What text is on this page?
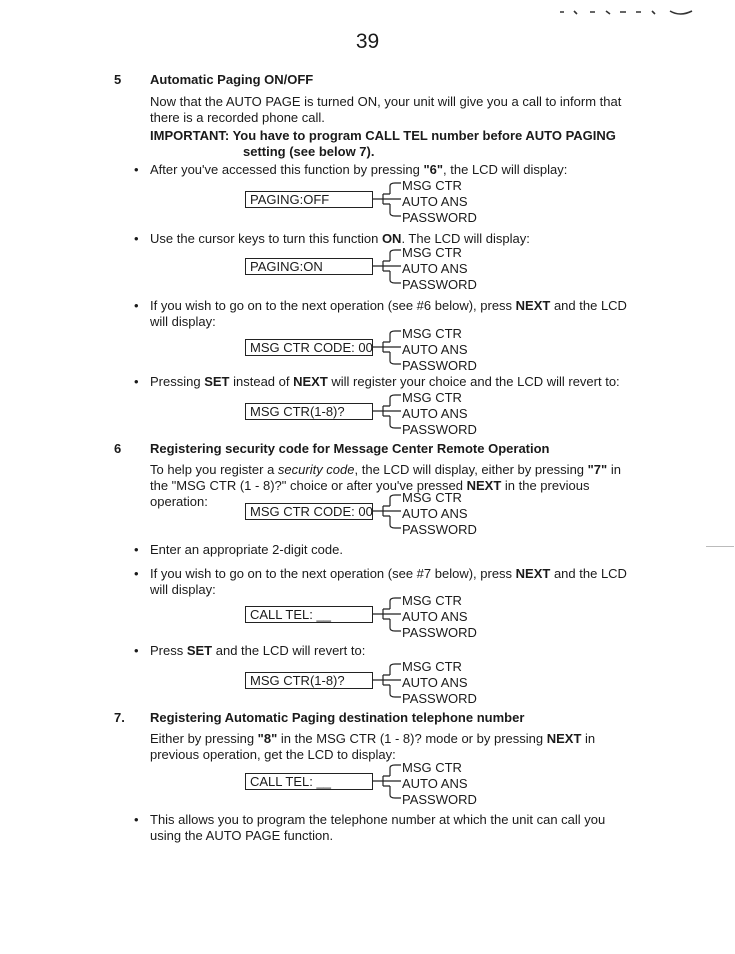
39
5 Automatic Paging ON/OFF
Now that the AUTO PAGE is turned ON, your unit will give you a call to inform that there is a recorded phone call.
IMPORTANT: You have to program CALL TEL number before AUTO PAGING
setting (see below 7).
• After you've accessed this function by pressing "6", the LCD will display:
PAGING:OFF
MSG CTR
AUTO ANS
PASSWORD
• Use the cursor keys to turn this function ON. The LCD will display:
PAGING:ON
MSG CTR
AUTO ANS
PASSWORD
• If you wish to go on to the next operation (see #6 below), press NEXT and the LCD will display:
MSG CTR CODE: 00
MSG CTR
AUTO ANS
PASSWORD
• Pressing SET instead of NEXT will register your choice and the LCD will revert to:
MSG CTR(1-8)?
MSG CTR
AUTO ANS
PASSWORD
6 Registering security code for Message Center Remote Operation
To help you register a security code, the LCD will display, either by pressing "7" in the "MSG CTR (1 - 8)?" choice or after you've pressed NEXT in the previous operation:
MSG CTR CODE: 00
MSG CTR
AUTO ANS
PASSWORD
• Enter an appropriate 2-digit code.
• If you wish to go on to the next operation (see #7 below), press NEXT and the LCD will display:
CALL TEL: __
MSG CTR
AUTO ANS
PASSWORD
• Press SET and the LCD will revert to:
MSG CTR(1-8)?
MSG CTR
AUTO ANS
PASSWORD
7. Registering Automatic Paging destination telephone number
Either by pressing "8" in the MSG CTR (1 - 8)? mode or by pressing NEXT in previous operation, get the LCD to display:
CALL TEL: __
MSG CTR
AUTO ANS
PASSWORD
• This allows you to program the telephone number at which the unit can call you using the AUTO PAGE function.
